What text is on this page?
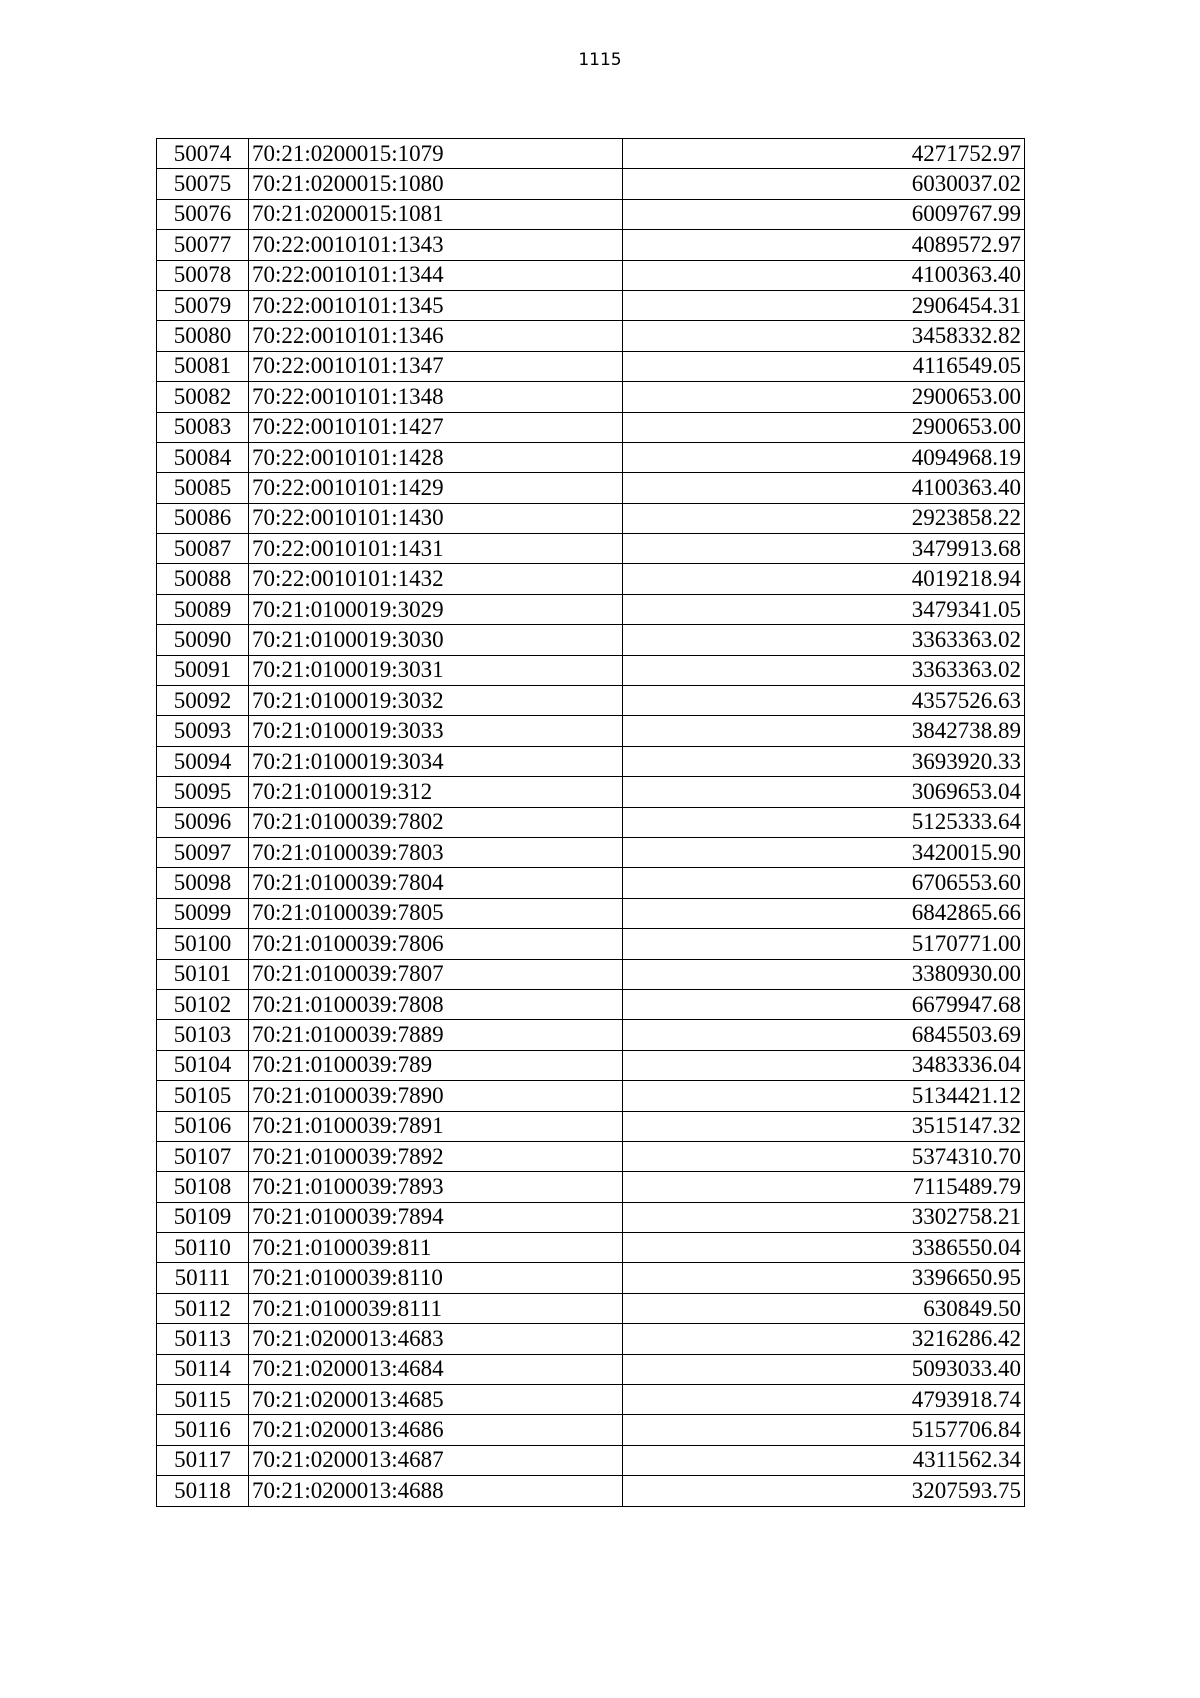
1115
50074	70:21:0200015:1079	4271752.97
50075	70:21:0200015:1080	6030037.02
50076	70:21:0200015:1081	6009767.99
50077	70:22:0010101:1343	4089572.97
50078	70:22:0010101:1344	4100363.40
50079	70:22:0010101:1345	2906454.31
50080	70:22:0010101:1346	3458332.82
50081	70:22:0010101:1347	4116549.05
50082	70:22:0010101:1348	2900653.00
50083	70:22:0010101:1427	2900653.00
50084	70:22:0010101:1428	4094968.19
50085	70:22:0010101:1429	4100363.40
50086	70:22:0010101:1430	2923858.22
50087	70:22:0010101:1431	3479913.68
50088	70:22:0010101:1432	4019218.94
50089	70:21:0100019:3029	3479341.05
50090	70:21:0100019:3030	3363363.02
50091	70:21:0100019:3031	3363363.02
50092	70:21:0100019:3032	4357526.63
50093	70:21:0100019:3033	3842738.89
50094	70:21:0100019:3034	3693920.33
50095	70:21:0100019:312	3069653.04
50096	70:21:0100039:7802	5125333.64
50097	70:21:0100039:7803	3420015.90
50098	70:21:0100039:7804	6706553.60
50099	70:21:0100039:7805	6842865.66
50100	70:21:0100039:7806	5170771.00
50101	70:21:0100039:7807	3380930.00
50102	70:21:0100039:7808	6679947.68
50103	70:21:0100039:7889	6845503.69
50104	70:21:0100039:789	3483336.04
50105	70:21:0100039:7890	5134421.12
50106	70:21:0100039:7891	3515147.32
50107	70:21:0100039:7892	5374310.70
50108	70:21:0100039:7893	7115489.79
50109	70:21:0100039:7894	3302758.21
50110	70:21:0100039:811	3386550.04
50111	70:21:0100039:8110	3396650.95
50112	70:21:0100039:8111	630849.50
50113	70:21:0200013:4683	3216286.42
50114	70:21:0200013:4684	5093033.40
50115	70:21:0200013:4685	4793918.74
50116	70:21:0200013:4686	5157706.84
50117	70:21:0200013:4687	4311562.34
50118	70:21:0200013:4688	3207593.75
